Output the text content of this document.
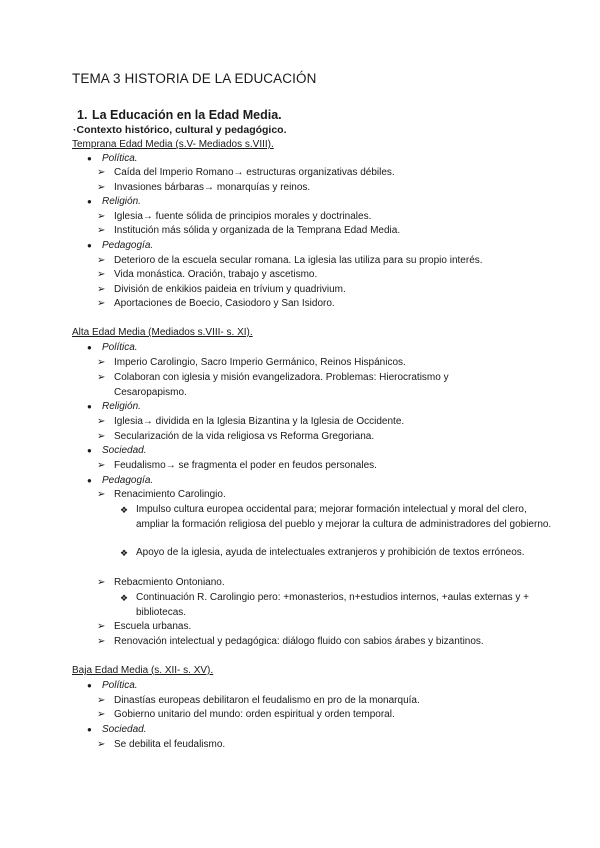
TEMA 3 HISTORIA DE LA EDUCACIÓN
1. La Educación en la Edad Media.
·Contexto histórico, cultural y pedagógico.
Temprana Edad Media (s.V- Mediados s.VIII).
● Política.
➢ Caída del Imperio Romano→ estructuras organizativas débiles.
➢ Invasiones bárbaras→ monarquías y reinos.
● Religión.
➢ Iglesia→ fuente sólida de principios morales y doctrinales.
➢ Institución más sólida y organizada de la Temprana Edad Media.
● Pedagogía.
➢ Deterioro de la escuela secular romana. La iglesia las utiliza para su propio interés.
➢ Vida monástica. Oración, trabajo y ascetismo.
➢ División de enkikios paideia en trívium y quadrivium.
➢ Aportaciones de Boecio, Casiodoro y San Isidoro.
Alta Edad Media (Mediados s.VIII- s. XI).
● Política.
➢ Imperio Carolingio, Sacro Imperio Germánico, Reinos Hispánicos.
➢ Colaboran con iglesia y misión evangelizadora. Problemas: Hierocratismo y Cesaropapismo.
● Religión.
➢ Iglesia→ dividida en la Iglesia Bizantina y la Iglesia de Occidente.
➢ Secularización de la vida religiosa vs Reforma Gregoriana.
● Sociedad.
➢ Feudalismo→ se fragmenta el poder en feudos personales.
● Pedagogía.
➢ Renacimiento Carolingio.
❖ Impulso cultura europea occidental para; mejorar formación intelectual y moral del clero, ampliar la formación religiosa del pueblo y mejorar la cultura de administradores del gobierno.
❖ Apoyo de la iglesia, ayuda de intelectuales extranjeros y prohibición de textos erróneos.
➢ Rebacmiento Ontoniano.
❖ Continuación R. Carolingio pero: +monasterios, n+estudios internos, +aulas externas y + bibliotecas.
➢ Escuela urbanas.
➢ Renovación intelectual y pedagógica: diálogo fluido con sabios árabes y bizantinos.
Baja Edad Media (s. XII- s. XV).
● Política.
➢ Dinastías europeas debilitaron el feudalismo en pro de la monarquía.
➢ Gobierno unitario del mundo: orden espiritual y orden temporal.
● Sociedad.
➢ Se debilita el feudalismo.
